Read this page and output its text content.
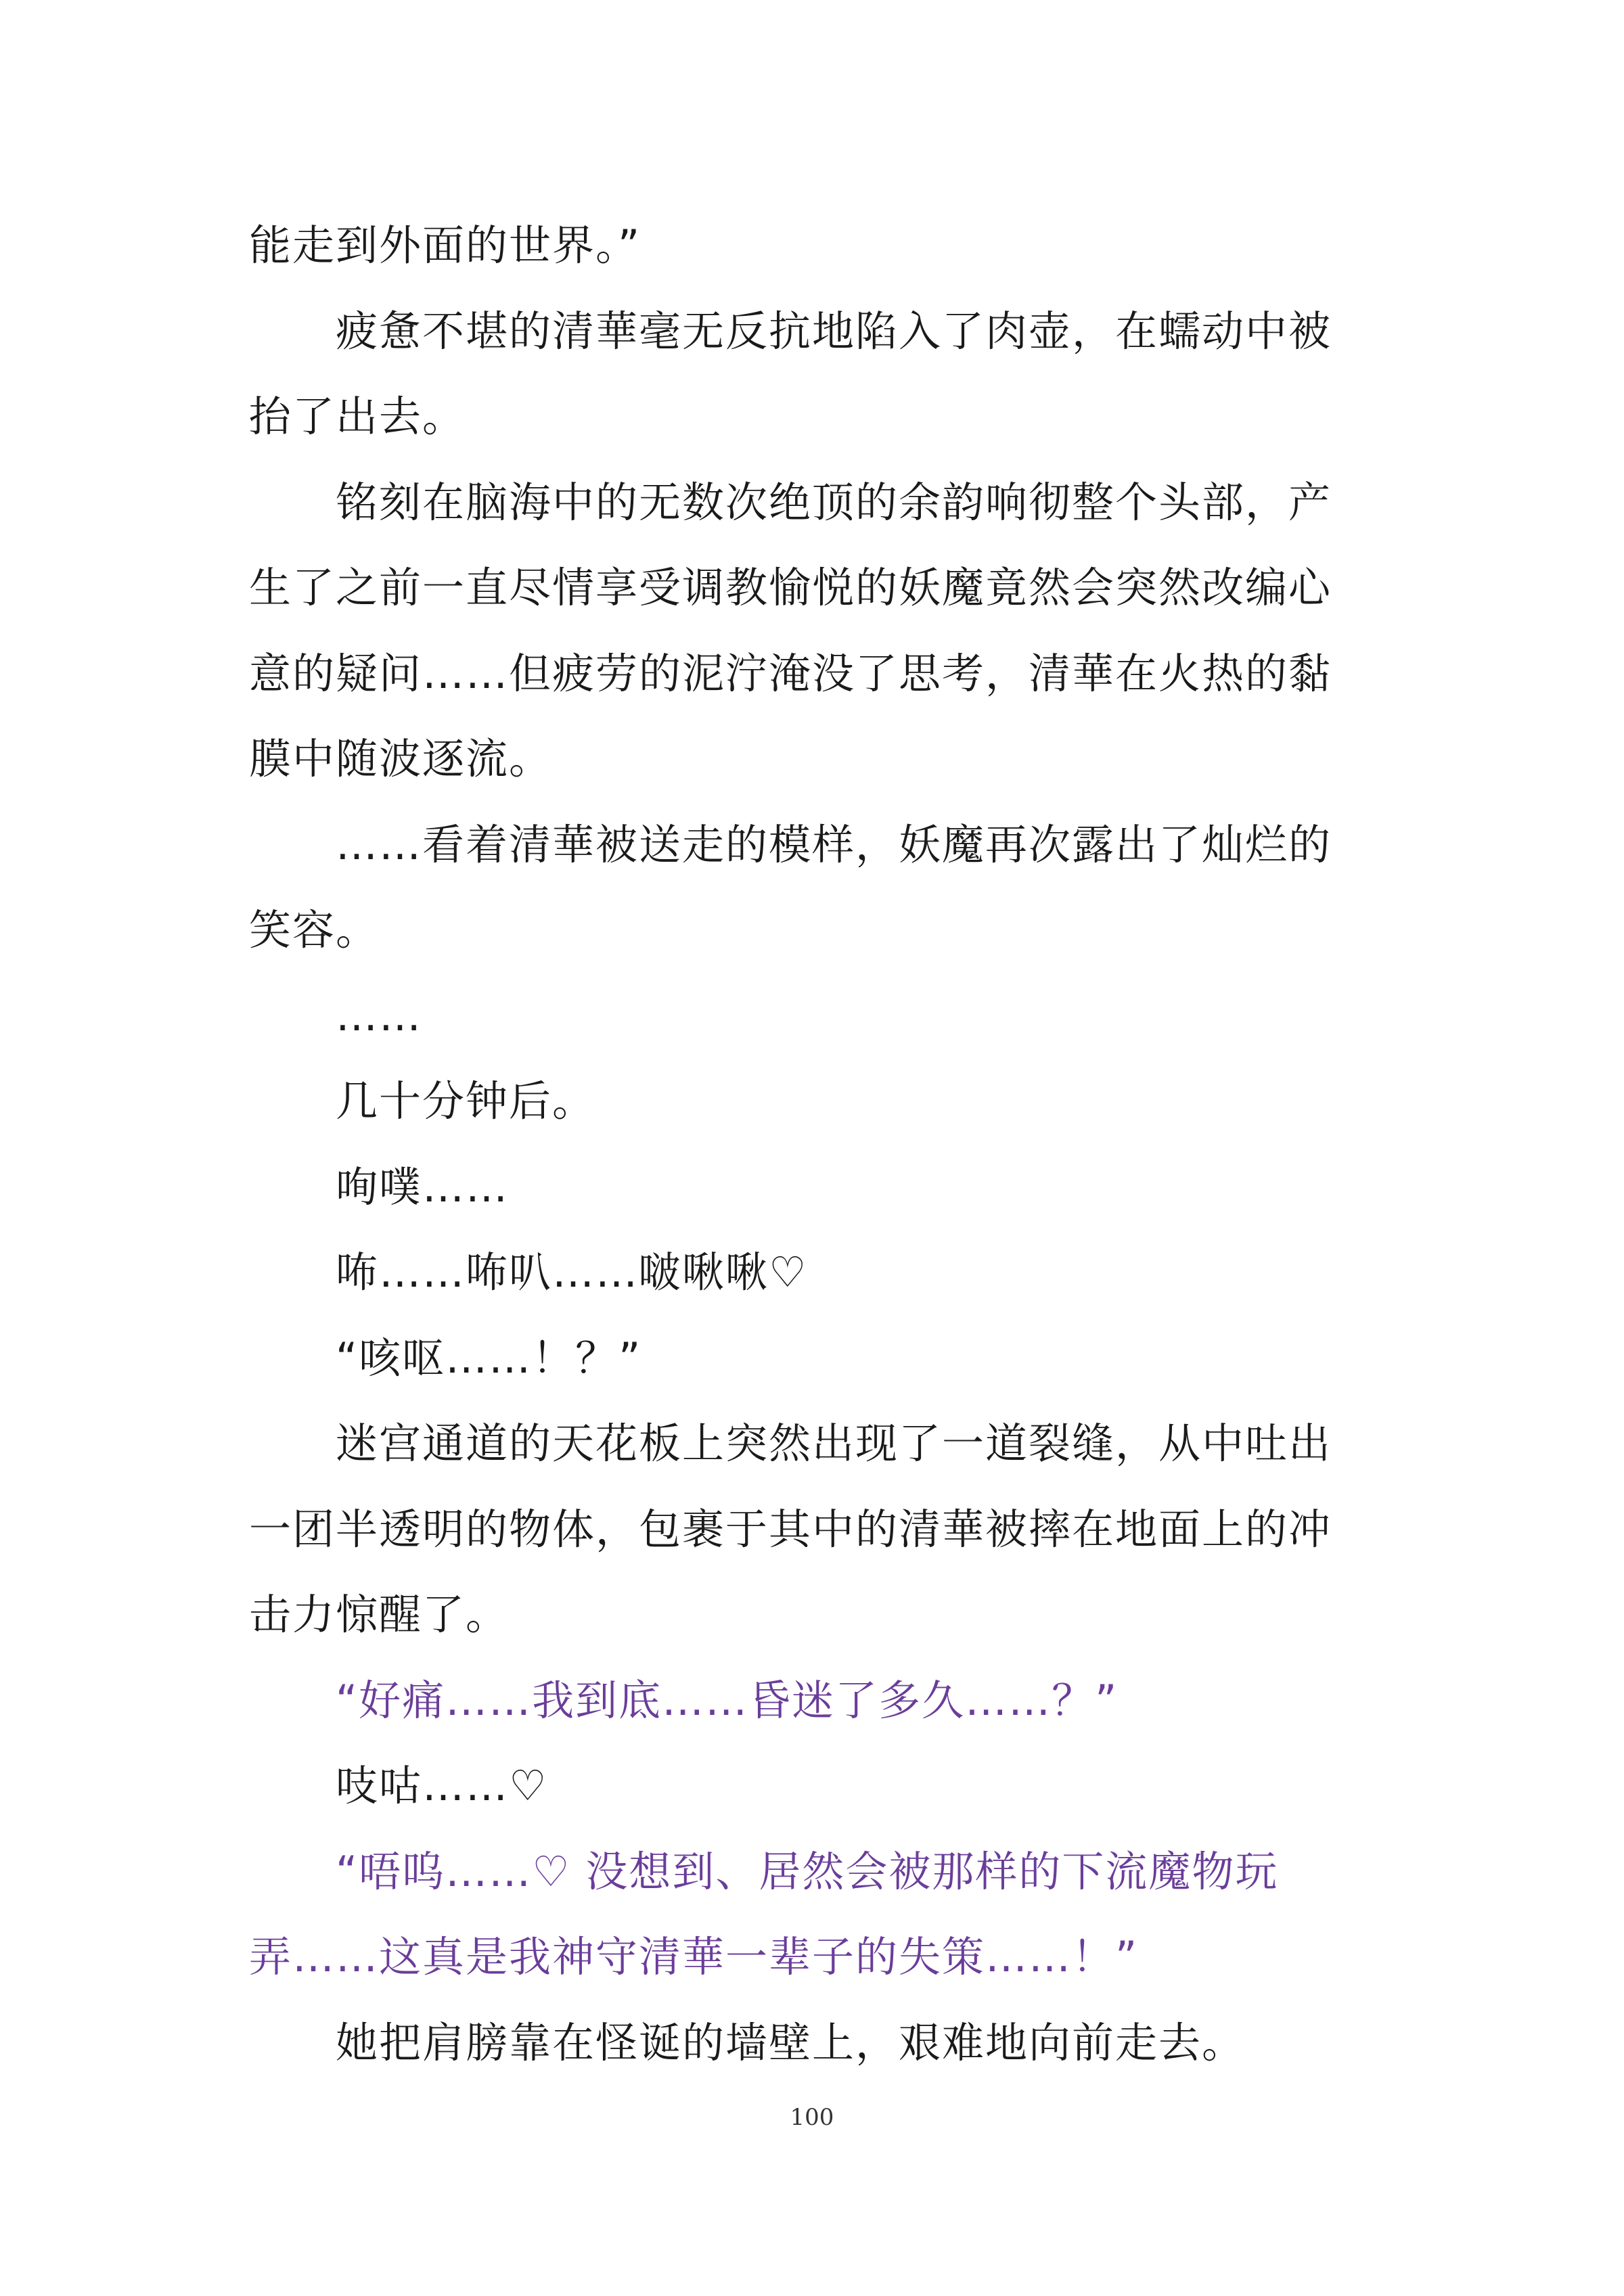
能走到外面的世界。”
疲惫不堪的清華毫无反抗地陷入了肉壶，在蠕动中被
抬了出去。
铭刻在脑海中的无数次绝顶的余韵响彻整个头部，产
生了之前一直尽情享受调教愉悦的妖魔竟然会突然改编心
意的疑问……但疲劳的泥泞淹没了思考，清華在火热的黏
膜中随波逐流。
……看着清華被送走的模样，妖魔再次露出了灿烂的
笑容。
……
几十分钟后。
咰噗……
咘……咘叭……啵啾啾♡
“咳呕……！？”
迷宫通道的天花板上突然出现了一道裂缝，从中吐出
一团半透明的物体，包裹于其中的清華被摔在地面上的冲
击力惊醒了。
“好痛……我到底……昏迷了多久……？”
吱咕……♡
“唔呜……♡ 没想到、居然会被那样的下流魔物玩
弄……这真是我神守清華一辈子的失策……！”
她把肩膀靠在怪诞的墙壁上，艰难地向前走去。
100
